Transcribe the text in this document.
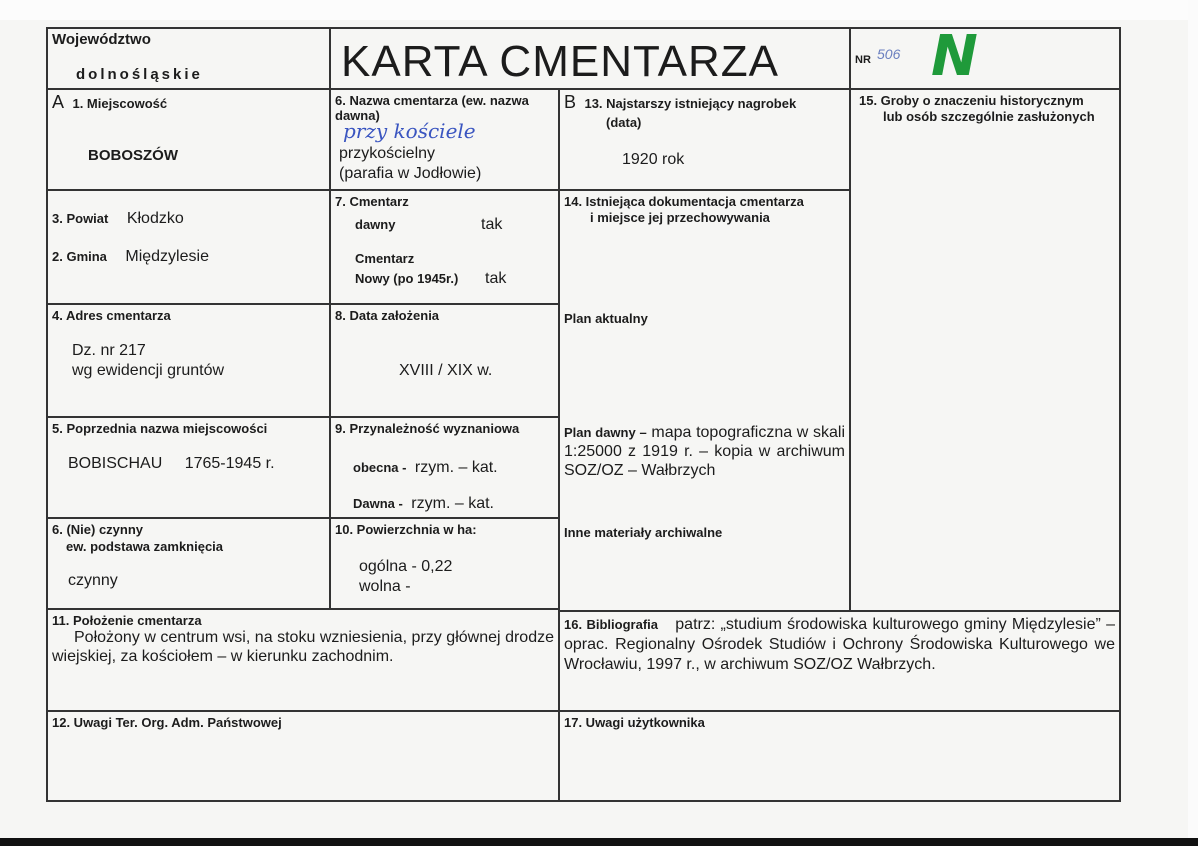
Województwo
dolnośląskie	KARTA CMENTARZA	NR 506 N
A 1. Miejscowość
BOBOSZÓW
3. Powiat Kłodzko
2. Gmina Międzylesie
4. Adres cmentarza
Dz. nr 217
wg ewidencji gruntów
5. Poprzednia nazwa miejscowości
BOBISCHAU 1765-1945 r.
6. (Nie) czynny
ew. podstawa zamknięcia
czynny
6. Nazwa cmentarza (ew. nazwa dawna)
przy kościele
przykościelny
(parafia w Jodłowie)
7. Cmentarz
dawny	tak
Cmentarz
Nowy (po 1945r.) tak
8. Data założenia
XVIII / XIX w.
9. Przynależność wyznaniowa
obecna - rzym. – kat.
Dawna - rzym. – kat.
10. Powierzchnia w ha:
ogólna - 0,22
wolna -
B 13. Najstarszy istniejący nagrobek
(data)
1920 rok
14. Istniejąca dokumentacja cmentarza
i miejsce jej przechowywania
Plan aktualny
Plan dawny – mapa topograficzna w skali 1:25000 z 1919 r. – kopia w archiwum SOZ/OZ – Wałbrzych
Inne materiały archiwalne
15. Groby o znaczeniu historycznym
lub osób szczególnie zasłużonych
11. Położenie cmentarza
Położony w centrum wsi, na stoku wzniesienia, przy głównej drodze wiejskiej, za kościołem – w kierunku zachodnim.
16. Bibliografia patrz: „studium środowiska kulturowego gminy Międzylesie” – oprac. Regionalny Ośrodek Studiów i Ochrony Środowiska Kulturowego we Wrocławiu, 1997 r., w archiwum SOZ/OZ Wałbrzych.
12. Uwagi Ter. Org. Adm. Państwowej	17. Uwagi użytkownika
